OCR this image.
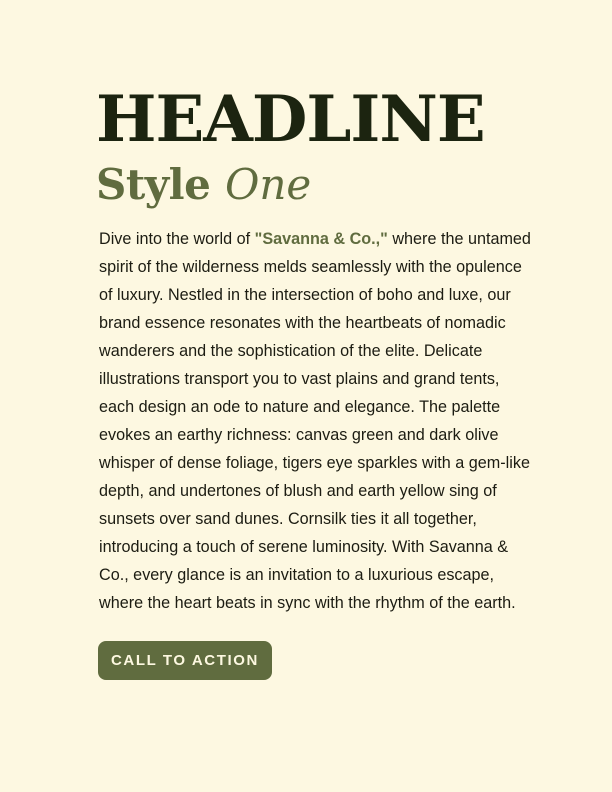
HEADLINE
Style One

Dive into the world of "Savanna & Co.," where the untamed spirit of the wilderness melds seamlessly with the opulence of luxury. Nestled in the intersection of boho and luxe, our brand essence resonates with the heartbeats of nomadic wanderers and the sophistication of the elite. Delicate illustrations transport you to vast plains and grand tents, each design an ode to nature and elegance. The palette evokes an earthy richness: canvas green and dark olive whisper of dense foliage, tigers eye sparkles with a gem-like depth, and undertones of blush and earth yellow sing of sunsets over sand dunes. Cornsilk ties it all together, introducing a touch of serene luminosity. With Savanna & Co., every glance is an invitation to a luxurious escape, where the heart beats in sync with the rhythm of the earth.

CALL TO ACTION
